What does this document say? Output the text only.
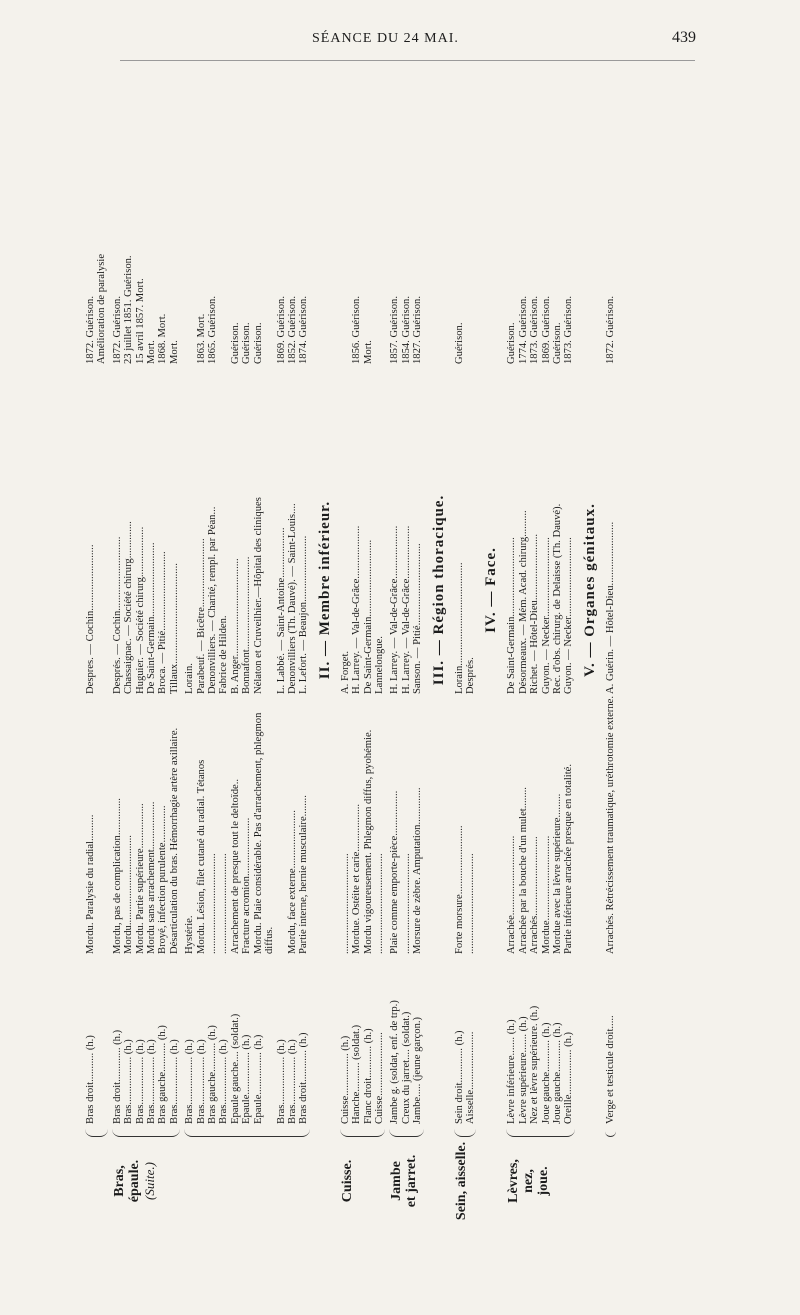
SÉANCE DU 24 MAI.	439
Bras droit........... (h.)
Mordu. Paralysie du radial..........
Despres. — Cochin.........................
1872. Guérison. Amélioration de paralysie
Bras,
épaule.
(Suite.)
Bras droit............. (h.)
Mordu, pas de complication..............
Després. — Cochin............................
1872. Guérison.
Bras.................. (h.)
Mordu..................................
Chassaignac. — Société chirurg..............
23 juillet 1851. Guérison.
Bras.................. (h.)
Mordu. Partie supérieure.................
Huguier. — Société chirurg...................
15 avril 1857. Mort.
Bras.................. (h.)
Mordu sans arrachement..................
De Saint-Germain............................
Mort.
Bras gauche........... (h.)
Broyé, infection purulente..............
Broca. — Pitié..............................
1868. Mort.
Bras.................. (h.)
Désarticulation du bras. Hémorrhagie artère axillaire.
Tillaux......................................
Mort.
Bras.................. (h.)
Hystérie.
Lorain.
Bras.................. (h.)
Mordu. Lésion, filet cutané du radial. Tétanos
Parabeuf. — Bicêtre..........................
1863. Mort.
Bras gauche........... (h.)
......................................
Denonvilliers. — Charité, rempl. par Péan...
1865. Guérison.
Bras.................. (h.)
......................................
Fabrice de Hilden.
Epaule gauche.... (soldat.)
Arrachement de presque tout le deltoïde..
B. Anger.....................................
Guérison.
Epaule................ (h.)
Fracture acromion......................
Bonnafont...................................
Guérison.
Epaule................ (h.)
Mordu. Plaie considérable. Pas d'arrachement, phlegmon diffus.
Nélaton et Cruveilhier.—Hôpital des cliniques
Guérison.
Bras.................. (h.)
L. Labbé. — Saint-Antoine...................
1869. Guérison.
Bras.................. (h.)
Mordu, face externe......................
Denonvilliers (Th. Dauvé). — Saint-Louis....
1852. Guérison.
Bras droit............ (h.)
Partie interne, hernie musculaire........
L. Lefort. — Beaujon.........................
1874. Guérison.
II. — Membre inférieur.
Cuisse.
Cuisse................ (h.)
......................................
A. Forget.
Hanche........... (soldat.)
Mordue. Ostéite et carie..................
H. Larrey. — Val-de-Grâce....................
1856. Guérison.
Flanc droit............ (h.)
Mordu vigoureusement. Phlegmon diffus, pyohémie.
De Saint-Germain.............................
Mort.
Cuisse........................
......................................
Lannelongue.
Jambe
et jarret.
Jambe g. (soldat, enf. de trp.)
Plaie comme emporte-pièce.................
H. Larrey. — Val-de-Grâce....................
1857. Guérison.
Creux du jarret.... (soldat.)
......................................
H. Larrey. — Val-de-Grâce....................
1854. Guérison.
Jambe..... (jeune garçon.)
Morsure de zèbre. Amputation..............
Sanson. — Pitié...............................
1827. Guérison.
III. — Région thoracique.
Sein, aisselle.
Sein droit............. (h.)
Forte morsure..........................
Lorain.......................................
Guérison.
Aisselle......................
......................................
Després.
IV. — Face.
Lèvres,
nez,
joue.
Lèvre inférieure....... (h.)
Arrachée..............................
De Saint-Germain..............................
Guérison.
Lèvre supérieure....... (h.)
Arrachée par la bouche d'un mulet........
Désormeaux. — Mém. Acad. chirurg..........
1774. Guérison.
Nez et lèvre supérieure. (h.)
Arrachés..............................
Richet. — Hôtel-Dieu.........................
1873. Guérison.
Joue gauche............ (h.)
Mordue................................
Guyon. — Necker..............................
1869. Guérison.
Joue gauche............ (h.)
Mordue avec la lèvre supérieure.........
Rec. d'obs. chirurg. de Delaisse (Th. Dauvé).
Guérison.
Oreille................. (h.)
Partie inférieure arrachée presque en totalité.
Guyon. — Necker..............................
1873. Guérison.
V. — Organes génitaux.
Verge et testicule droit.....
Arrachés. Rétrécissement traumatique, uréthrotomie externe.
A. Guérin. — Hôtel-Dieu........................
1872. Guérison.
